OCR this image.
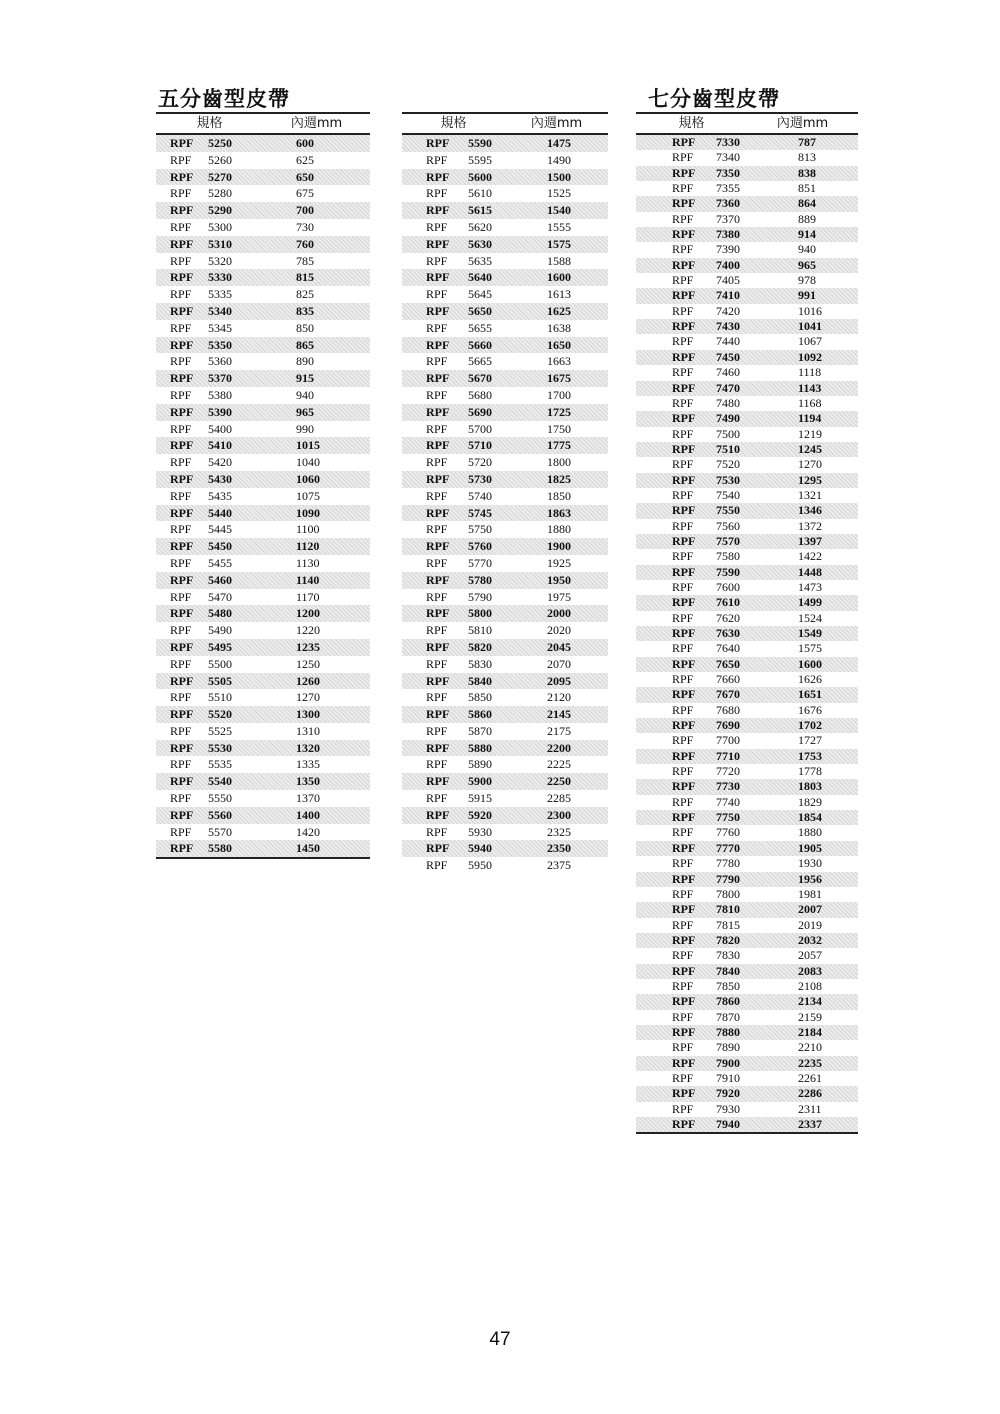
五分齒型皮帶	七分齒型皮帶
規格	內週mm
RPF 5250	600
RPF 5260	625
RPF 5270	650
RPF 5280	675
RPF 5290	700
RPF 5300	730
RPF 5310	760
RPF 5320	785
RPF 5330	815
RPF 5335	825
RPF 5340	835
RPF 5345	850
RPF 5350	865
RPF 5360	890
RPF 5370	915
RPF 5380	940
RPF 5390	965
RPF 5400	990
RPF 5410	1015
RPF 5420	1040
RPF 5430	1060
RPF 5435	1075
RPF 5440	1090
RPF 5445	1100
RPF 5450	1120
RPF 5455	1130
RPF 5460	1140
RPF 5470	1170
RPF 5480	1200
RPF 5490	1220
RPF 5495	1235
RPF 5500	1250
RPF 5505	1260
RPF 5510	1270
RPF 5520	1300
RPF 5525	1310
RPF 5530	1320
RPF 5535	1335
RPF 5540	1350
RPF 5550	1370
RPF 5560	1400
RPF 5570	1420
RPF 5580	1450
規格	內週mm
RPF 5590	1475
RPF 5595	1490
RPF 5600	1500
RPF 5610	1525
RPF 5615	1540
RPF 5620	1555
RPF 5630	1575
RPF 5635	1588
RPF 5640	1600
RPF 5645	1613
RPF 5650	1625
RPF 5655	1638
RPF 5660	1650
RPF 5665	1663
RPF 5670	1675
RPF 5680	1700
RPF 5690	1725
RPF 5700	1750
RPF 5710	1775
RPF 5720	1800
RPF 5730	1825
RPF 5740	1850
RPF 5745	1863
RPF 5750	1880
RPF 5760	1900
RPF 5770	1925
RPF 5780	1950
RPF 5790	1975
RPF 5800	2000
RPF 5810	2020
RPF 5820	2045
RPF 5830	2070
RPF 5840	2095
RPF 5850	2120
RPF 5860	2145
RPF 5870	2175
RPF 5880	2200
RPF 5890	2225
RPF 5900	2250
RPF 5915	2285
RPF 5920	2300
RPF 5930	2325
RPF 5940	2350
RPF 5950	2375
規格	內週mm
RPF 7330	787
RPF 7340	813
RPF 7350	838
RPF 7355	851
RPF 7360	864
RPF 7370	889
RPF 7380	914
RPF 7390	940
RPF 7400	965
RPF 7405	978
RPF 7410	991
RPF 7420	1016
RPF 7430	1041
RPF 7440	1067
RPF 7450	1092
RPF 7460	1118
RPF 7470	1143
RPF 7480	1168
RPF 7490	1194
RPF 7500	1219
RPF 7510	1245
RPF 7520	1270
RPF 7530	1295
RPF 7540	1321
RPF 7550	1346
RPF 7560	1372
RPF 7570	1397
RPF 7580	1422
RPF 7590	1448
RPF 7600	1473
RPF 7610	1499
RPF 7620	1524
RPF 7630	1549
RPF 7640	1575
RPF 7650	1600
RPF 7660	1626
RPF 7670	1651
RPF 7680	1676
RPF 7690	1702
RPF 7700	1727
RPF 7710	1753
RPF 7720	1778
RPF 7730	1803
RPF 7740	1829
RPF 7750	1854
RPF 7760	1880
RPF 7770	1905
RPF 7780	1930
RPF 7790	1956
RPF 7800	1981
RPF 7810	2007
RPF 7815	2019
RPF 7820	2032
RPF 7830	2057
RPF 7840	2083
RPF 7850	2108
RPF 7860	2134
RPF 7870	2159
RPF 7880	2184
RPF 7890	2210
RPF 7900	2235
RPF 7910	2261
RPF 7920	2286
RPF 7930	2311
RPF 7940	2337
47
